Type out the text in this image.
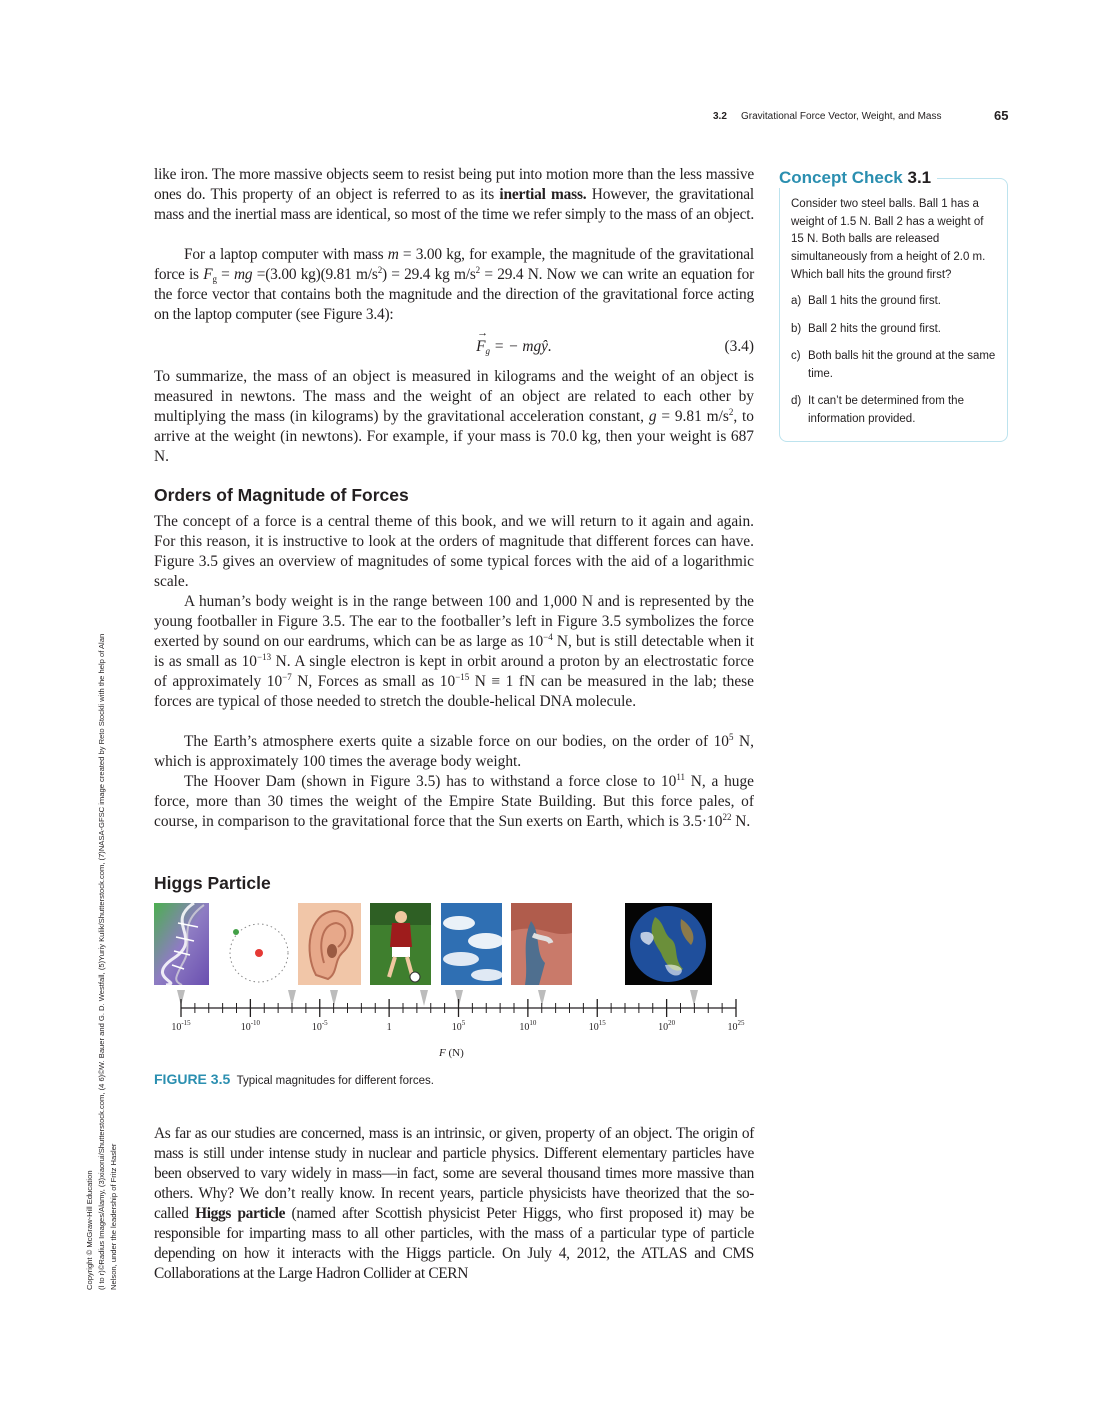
3.2 Gravitational Force Vector, Weight, and Mass	65

like iron. The more massive objects seem to resist being put into motion more than the less massive ones do. This property of an object is referred to as its inertial mass. However, the gravitational mass and the inertial mass are identical, so most of the time we refer simply to the mass of an object.

For a laptop computer with mass m = 3.00 kg, for example, the magnitude of the gravitational force is $F_g$ = mg =(3.00 kg)(9.81 $m/s^2) = 29.4$ kg $m/s^2 = 29.4$ N. Now we can write an equation for the force vector that contains both the magnitude and the direction of the gravitational force acting on the laptop computer (see Figure 3.4):

→
$F_g$ = − mgŷ.	(3.4)

To summarize, the mass of an object is measured in kilograms and the weight of an object is measured in newtons. The mass and the weight of an object are related to each other by multiplying the mass (in kilograms) by the gravitational acceleration constant, g = 9.81 $m/s^2$, to arrive at the weight (in newtons). For example, if your mass is 70.0 kg, then your weight is 687 N.

Orders of Magnitude of Forces

The concept of a force is a central theme of this book, and we will return to it again and again. For this reason, it is instructive to look at the orders of magnitude that different forces can have. Figure 3.5 gives an overview of magnitudes of some typical forces with the aid of a logarithmic scale.

A human’s body weight is in the range between 100 and 1,000 N and is represented by the young footballer in Figure 3.5. The ear to the footballer’s left in Figure 3.5 symbolizes the force exerted by sound on our eardrums, which can be as large as $10^{-4}$ N, but is still detectable when it is as small as $10^{-13}$ N. A single electron is kept in orbit around a proton by an electrostatic force of approximately $10^{-7}$ N, Forces as small as $10^{-15}$ N ≡ 1 fN can be measured in the lab; these forces are typical of those needed to stretch the double-helical DNA molecule.

The Earth’s atmosphere exerts quite a sizable force on our bodies, on the order of $10^5$ N, which is approximately 100 times the average body weight.

The Hoover Dam (shown in Figure 3.5) has to withstand a force close to $10^{11}$ N, a huge force, more than 30 times the weight of the Empire State Building. But this force pales, of course, in comparison to the gravitational force that the Sun exerts on Earth, which is $3.5\cdot 10^{22}$ N.

Higgs Particle
$10^{-15}$	$10^{-10}$	$10^{-5}$	1	$10^5$	$10^{10}$	$10^{15}$	$10^{20}$	$10^{25}$
F (N)
FIGURE 3.5 Typical magnitudes for different forces.

As far as our studies are concerned, mass is an intrinsic, or given, property of an object. The origin of mass is still under intense study in nuclear and particle physics. Different elementary particles have been observed to vary widely in mass—in fact, some are several thousand times more massive than others. Why? We don’t really know. In recent years, particle physicists have theorized that the so-called Higgs particle (named after Scottish physicist Peter Higgs, who first proposed it) may be responsible for imparting mass to all other particles, with the mass of a particular type of particle depending on how it interacts with the Higgs particle. On July 4, 2012, the ATLAS and CMS Collaborations at the Large Hadron Collider at CERN

Concept Check 3.1
Consider two steel balls. Ball 1 has a weight of 1.5 N. Ball 2 has a weight of 15 N. Both balls are released simultaneously from a height of 2.0 m. Which ball hits the ground first?
a) Ball 1 hits the ground first.
b) Ball 2 hits the ground first.
c) Both balls hit the ground at the same time.
d) It can’t be determined from the information provided.
Copyright © McGraw-Hill Education (l to r)©Radius Images/Alamy, (3)xiaorui/Shutterstock.com, (4 6)©W. Bauer and G. D. Westfall, (5)Yuriy Kulik/Shutterstock.com, (7)NASA-GFSC image created by Reto Stockli with the help of Alan Nelson, under the leadership of Fritz Hasler
